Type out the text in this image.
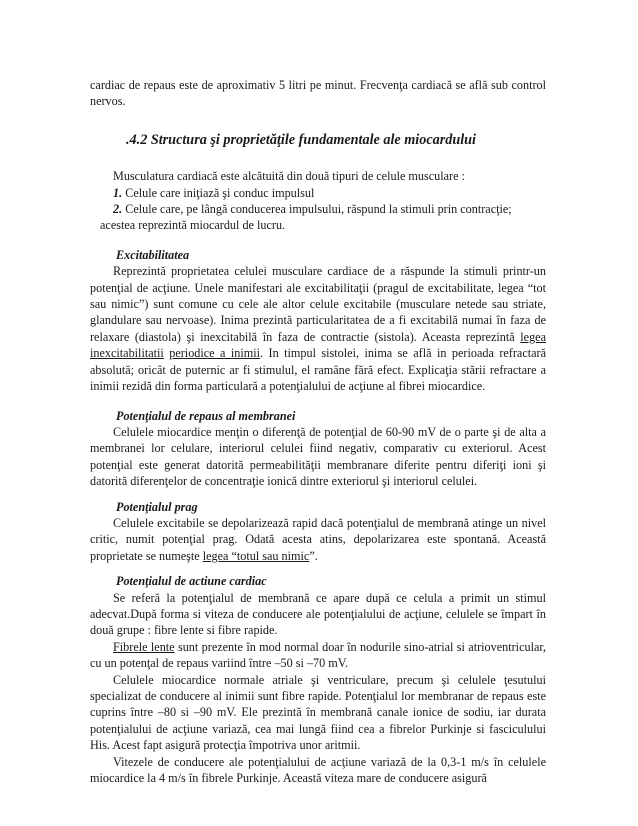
cardiac de repaus este de aproximativ 5 litri pe minut. Frecvenţa cardiacă se află sub control nervos.

.4.2 Structura şi proprietăţile fundamentale ale miocardului

Musculatura cardiacă este alcătuită din două tipuri de celule musculare :

1. Celule care iniţiază şi conduc impulsul

2. Celule care, pe lângă conducerea impulsului, răspund la stimuli prin contracţie;

acestea reprezintă miocardul de lucru.

Excitabilitatea

Reprezintă proprietatea celulei musculare cardiace de a răspunde la stimuli printr-un potenţial de acţiune. Unele manifestari ale excitabilitaţii (pragul de excitabilitate, legea “tot sau nimic”) sunt comune cu cele ale altor celule excitabile (musculare netede sau striate, glandulare sau nervoase). Inima prezintă particularitatea de a fi excitabilă numai în faza de relaxare (diastola) şi inexcitabilă în faza de contractie (sistola). Aceasta reprezintă legea inexcitabilitatii periodice a inimii. In timpul sistolei, inima se află in perioada refractară absolută; oricât de puternic ar fi stimulul, el ramâne fără efect. Explicaţia stării refractare a inimii rezidă din forma particulară a potenţialului de acţiune al fibrei miocardice.

Potenţialul de repaus al membranei

Celulele miocardice menţin o diferenţă de potenţial de 60-90 mV de o parte şi de alta a membranei lor celulare, interiorul celulei fiind negativ, comparativ cu exteriorul. Acest potenţial este generat datorită permeabilităţii membranare diferite pentru diferiţi ioni şi datorită diferenţelor de concentraţie ionică dintre exteriorul şi interiorul celulei.

Potenţialul prag

Celulele excitabile se depolarizează rapid dacă potenţialul de membrană atinge un nivel critic, numit potenţial prag. Odată acesta atins, depolarizarea este spontană. Această proprietate se numeşte legea “totul sau nimic”.

Potenţialul de actiune cardiac

Se referă la potenţialul de membrană ce apare după ce celula a primit un stimul adecvat.După forma si viteza de conducere ale potenţialului de acţiune, celulele se împart în două grupe : fibre lente si fibre rapide.

Fibrele lente sunt prezente în mod normal doar în nodurile sino-atrial si atrioventricular, cu un potenţal de repaus variind între –50 si –70 mV.

Celulele miocardice normale atriale şi ventriculare, precum şi celulele ţesutului specializat de conducere al inimii sunt fibre rapide. Potenţialul lor membranar de repaus este cuprins între –80 si –90 mV. Ele prezintă în membrană canale ionice de sodiu, iar durata potenţialului de acţiune variază, cea mai lungă fiind cea a fibrelor Purkinje si fasciculului His. Acest fapt asigură protecţia împotriva unor aritmii.

Vitezele de conducere ale potenţialului de acţiune variază de la 0,3-1 m/s în celulele miocardice la 4 m/s în fibrele Purkinje. Această viteza mare de conducere asigură
